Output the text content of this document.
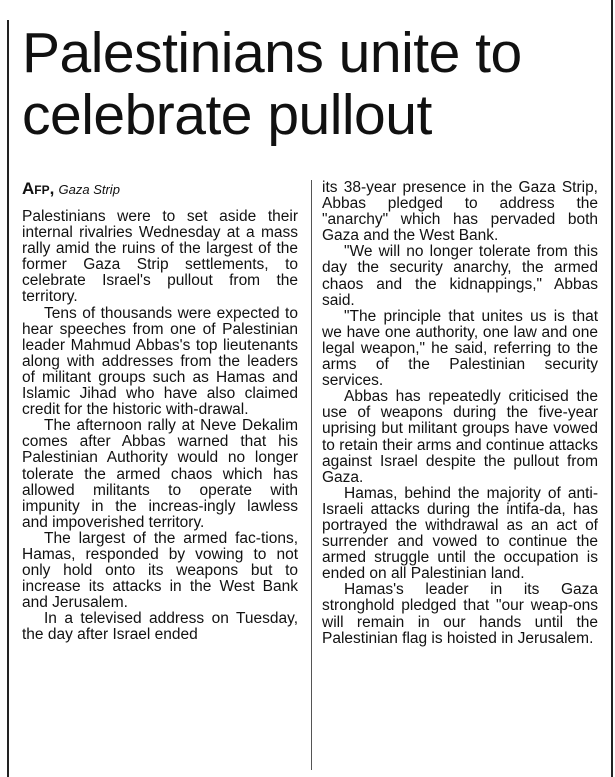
Palestinians unite to
celebrate pullout
Afp, Gaza Strip

Palestinians were to set aside their internal rivalries Wednesday at a mass rally amid the ruins of the largest of the former Gaza Strip settlements, to celebrate Israel's pullout from the territory.

Tens of thousands were expected to hear speeches from one of Palestinian leader Mahmud Abbas's top lieutenants along with addresses from the leaders of militant groups such as Hamas and Islamic Jihad who have also claimed credit for the historic with-drawal.

The afternoon rally at Neve Dekalim comes after Abbas warned that his Palestinian Authority would no longer tolerate the armed chaos which has allowed militants to operate with impunity in the increas-ingly lawless and impoverished territory.

The largest of the armed fac-tions, Hamas, responded by vowing to not only hold onto its weapons but to increase its attacks in the West Bank and Jerusalem.

In a televised address on Tuesday, the day after Israel ended

its 38-year presence in the Gaza Strip, Abbas pledged to address the "anarchy" which has pervaded both Gaza and the West Bank.

"We will no longer tolerate from this day the security anarchy, the armed chaos and the kidnappings," Abbas said.

"The principle that unites us is that we have one authority, one law and one legal weapon," he said, referring to the arms of the Palestinian security services.

Abbas has repeatedly criticised the use of weapons during the five-year uprising but militant groups have vowed to retain their arms and continue attacks against Israel despite the pullout from Gaza.

Hamas, behind the majority of anti-Israeli attacks during the intifa-da, has portrayed the withdrawal as an act of surrender and vowed to continue the armed struggle until the occupation is ended on all Palestinian land.

Hamas's leader in its Gaza stronghold pledged that "our weap-ons will remain in our hands until the Palestinian flag is hoisted in Jerusalem.
